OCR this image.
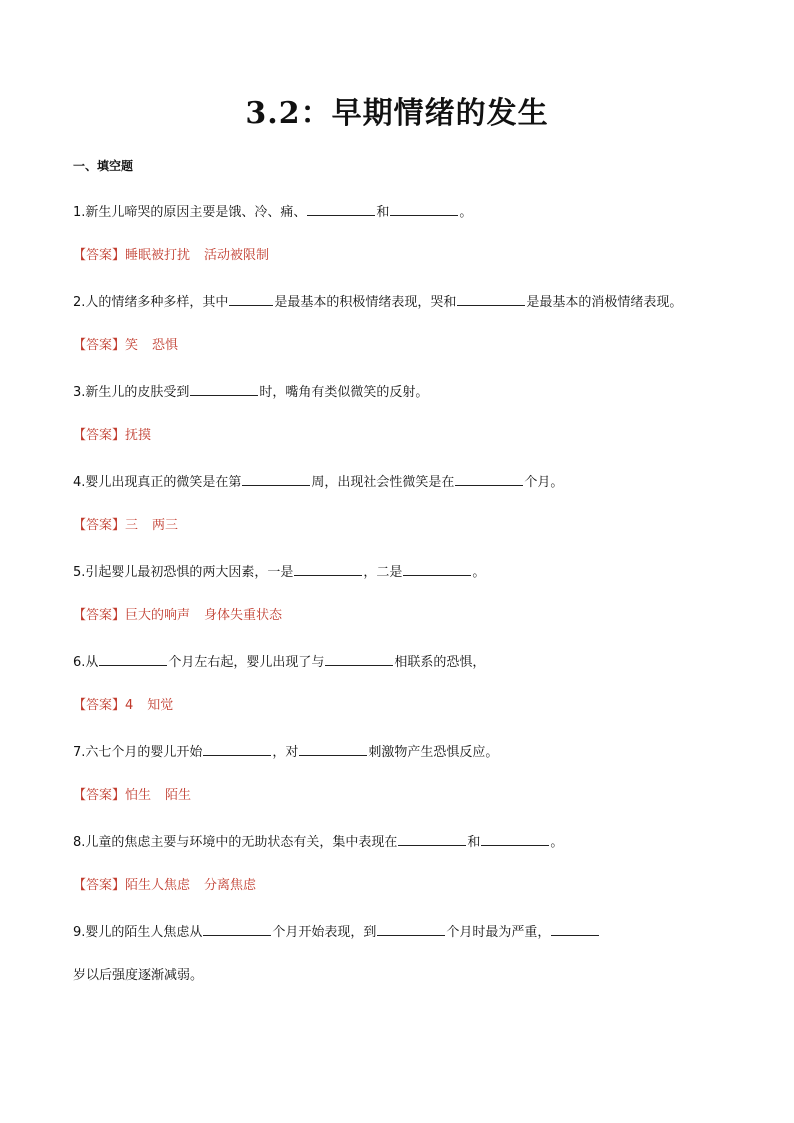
3.2：早期情绪的发生
一、填空题
1.新生儿啼哭的原因主要是饿、冷、痛、	和	。
【答案】睡眠被打扰 活动被限制
2.人的情绪多种多样，其中	是最基本的积极情绪表现，哭和	是最基本的消极情绪表现。
【答案】笑 恐惧
3.新生儿的皮肤受到	时，嘴角有类似微笑的反射。
【答案】抚摸
4.婴儿出现真正的微笑是在第	周，出现社会性微笑是在	个月。
【答案】三 两三
5.引起婴儿最初恐惧的两大因素，一是	，二是	。
【答案】巨大的响声 身体失重状态
6.从	个月左右起，婴儿出现了与	相联系的恐惧，
【答案】4 知觉
7.六七个月的婴儿开始	，对	刺激物产生恐惧反应。
【答案】怕生 陌生
8.儿童的焦虑主要与环境中的无助状态有关，集中表现在	和	。
【答案】陌生人焦虑 分离焦虑
9.婴儿的陌生人焦虑从	个月开始表现，到	个月时最为严重，
岁以后强度逐渐减弱。
